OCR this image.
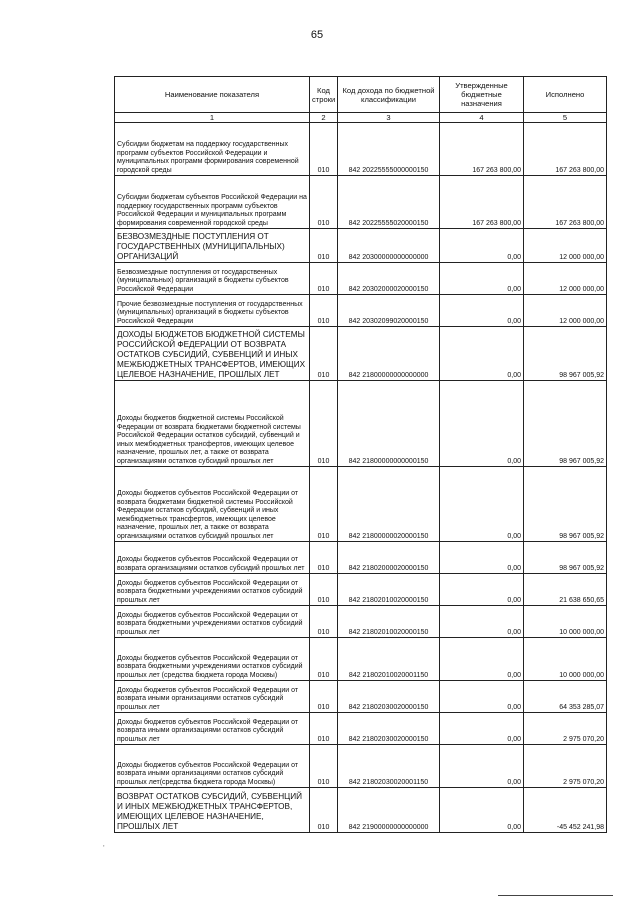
65
Наименование показателя	Код строки	Код дохода по бюджетной классификации	Утвержденные бюджетные назначения	Исполнено
1	2	3	4	5
Субсидии бюджетам на поддержку государственных программ субъектов Российской Федерации и муниципальных программ формирования современной городской среды	010	842 20225555000000150	167 263 800,00	167 263 800,00
Субсидии бюджетам субъектов Российской Федерации на поддержку государственных программ субъектов Российской Федерации и муниципальных программ формирования современной городской среды	010	842 20225555020000150	167 263 800,00	167 263 800,00
БЕЗВОЗМЕЗДНЫЕ ПОСТУПЛЕНИЯ ОТ ГОСУДАРСТВЕННЫХ (МУНИЦИПАЛЬНЫХ) ОРГАНИЗАЦИЙ	010	842 20300000000000000	0,00	12 000 000,00
Безвозмездные поступления от государственных (муниципальных) организаций в бюджеты субъектов Российской Федерации	010	842 20302000020000150	0,00	12 000 000,00
Прочие безвозмездные поступления от государственных (муниципальных) организаций в бюджеты субъектов Российской Федерации	010	842 20302099020000150	0,00	12 000 000,00
ДОХОДЫ БЮДЖЕТОВ БЮДЖЕТНОЙ СИСТЕМЫ РОССИЙСКОЙ ФЕДЕРАЦИИ ОТ ВОЗВРАТА ОСТАТКОВ СУБСИДИЙ, СУБВЕНЦИЙ И ИНЫХ МЕЖБЮДЖЕТНЫХ ТРАНСФЕРТОВ, ИМЕЮЩИХ ЦЕЛЕВОЕ НАЗНАЧЕНИЕ, ПРОШЛЫХ ЛЕТ	010	842 21800000000000000	0,00	98 967 005,92
Доходы бюджетов бюджетной системы Российской Федерации от возврата бюджетами бюджетной системы Российской Федерации остатков субсидий, субвенций и иных межбюджетных трансфертов, имеющих целевое назначение, прошлых лет, а также от возврата организациями остатков субсидий прошлых лет	010	842 21800000000000150	0,00	98 967 005,92
Доходы бюджетов субъектов Российской Федерации от возврата бюджетами бюджетной системы Российской Федерации остатков субсидий, субвенций и иных межбюджетных трансфертов, имеющих целевое назначение, прошлых лет, а также от возврата организациями остатков субсидий прошлых лет	010	842 21800000020000150	0,00	98 967 005,92
Доходы бюджетов субъектов Российской Федерации от возврата организациями остатков субсидий прошлых лет	010	842 21802000020000150	0,00	98 967 005,92
Доходы бюджетов субъектов Российской Федерации от возврата бюджетными учреждениями остатков субсидий прошлых лет	010	842 21802010020000150	0,00	21 638 650,65
Доходы бюджетов субъектов Российской Федерации от возврата бюджетными учреждениями остатков субсидий прошлых лет	010	842 21802010020000150	0,00	10 000 000,00
Доходы бюджетов субъектов Российской Федерации от возврата бюджетными учреждениями остатков субсидий прошлых лет (средства бюджета города Москвы)	010	842 21802010020001150	0,00	10 000 000,00
Доходы бюджетов субъектов Российской Федерации от возврата иными организациями остатков субсидий прошлых лет	010	842 21802030020000150	0,00	64 353 285,07
Доходы бюджетов субъектов Российской Федерации от возврата иными организациями остатков субсидий прошлых лет	010	842 21802030020000150	0,00	2 975 070,20
Доходы бюджетов субъектов Российской Федерации от возврата иными организациями остатков субсидий прошлых лет(средства бюджета города Москвы)	010	842 21802030020001150	0,00	2 975 070,20
ВОЗВРАТ ОСТАТКОВ СУБСИДИЙ, СУБВЕНЦИЙ И ИНЫХ МЕЖБЮДЖЕТНЫХ ТРАНСФЕРТОВ, ИМЕЮЩИХ ЦЕЛЕВОЕ НАЗНАЧЕНИЕ, ПРОШЛЫХ ЛЕТ	010	842 21900000000000000	0,00	-45 452 241,98
,
